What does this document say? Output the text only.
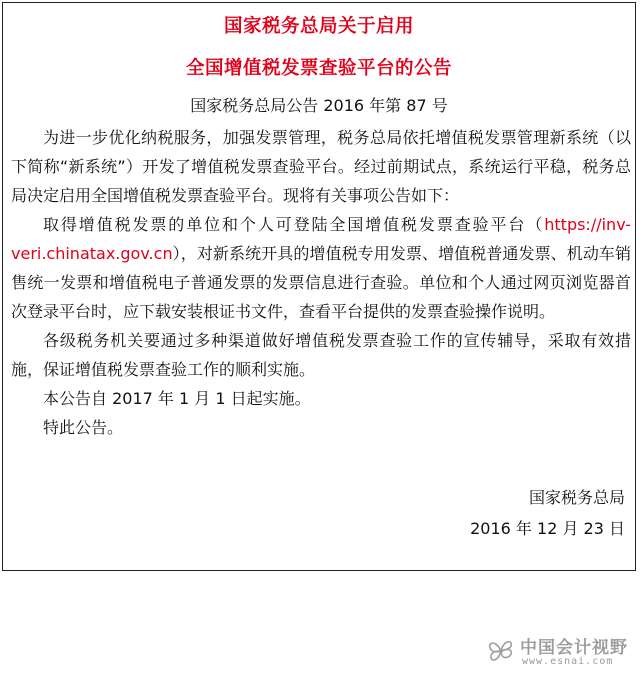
国家税务总局关于启用
全国增值税发票查验平台的公告
国家税务总局公告 2016 年第 87 号

为进一步优化纳税服务，加强发票管理，税务总局依托增值税发票管理新系统（以下简称“新系统”）开发了增值税发票查验平台。经过前期试点，系统运行平稳，税务总局决定启用全国增值税发票查验平台。现将有关事项公告如下：

取得增值税发票的单位和个人可登陆全国增值税发票查验平台（https://inv-veri.chinatax.gov.cn），对新系统开具的增值税专用发票、增值税普通发票、机动车销售统一发票和增值税电子普通发票的发票信息进行查验。单位和个人通过网页浏览器首次登录平台时，应下载安装根证书文件，查看平台提供的发票查验操作说明。

各级税务机关要通过多种渠道做好增值税发票查验工作的宣传辅导，采取有效措施，保证增值税发票查验工作的顺利实施。

本公告自 2017 年 1 月 1 日起实施。

特此公告。

国家税务总局
2016 年 12 月 23 日
中国会计视野
www.esnai.com
